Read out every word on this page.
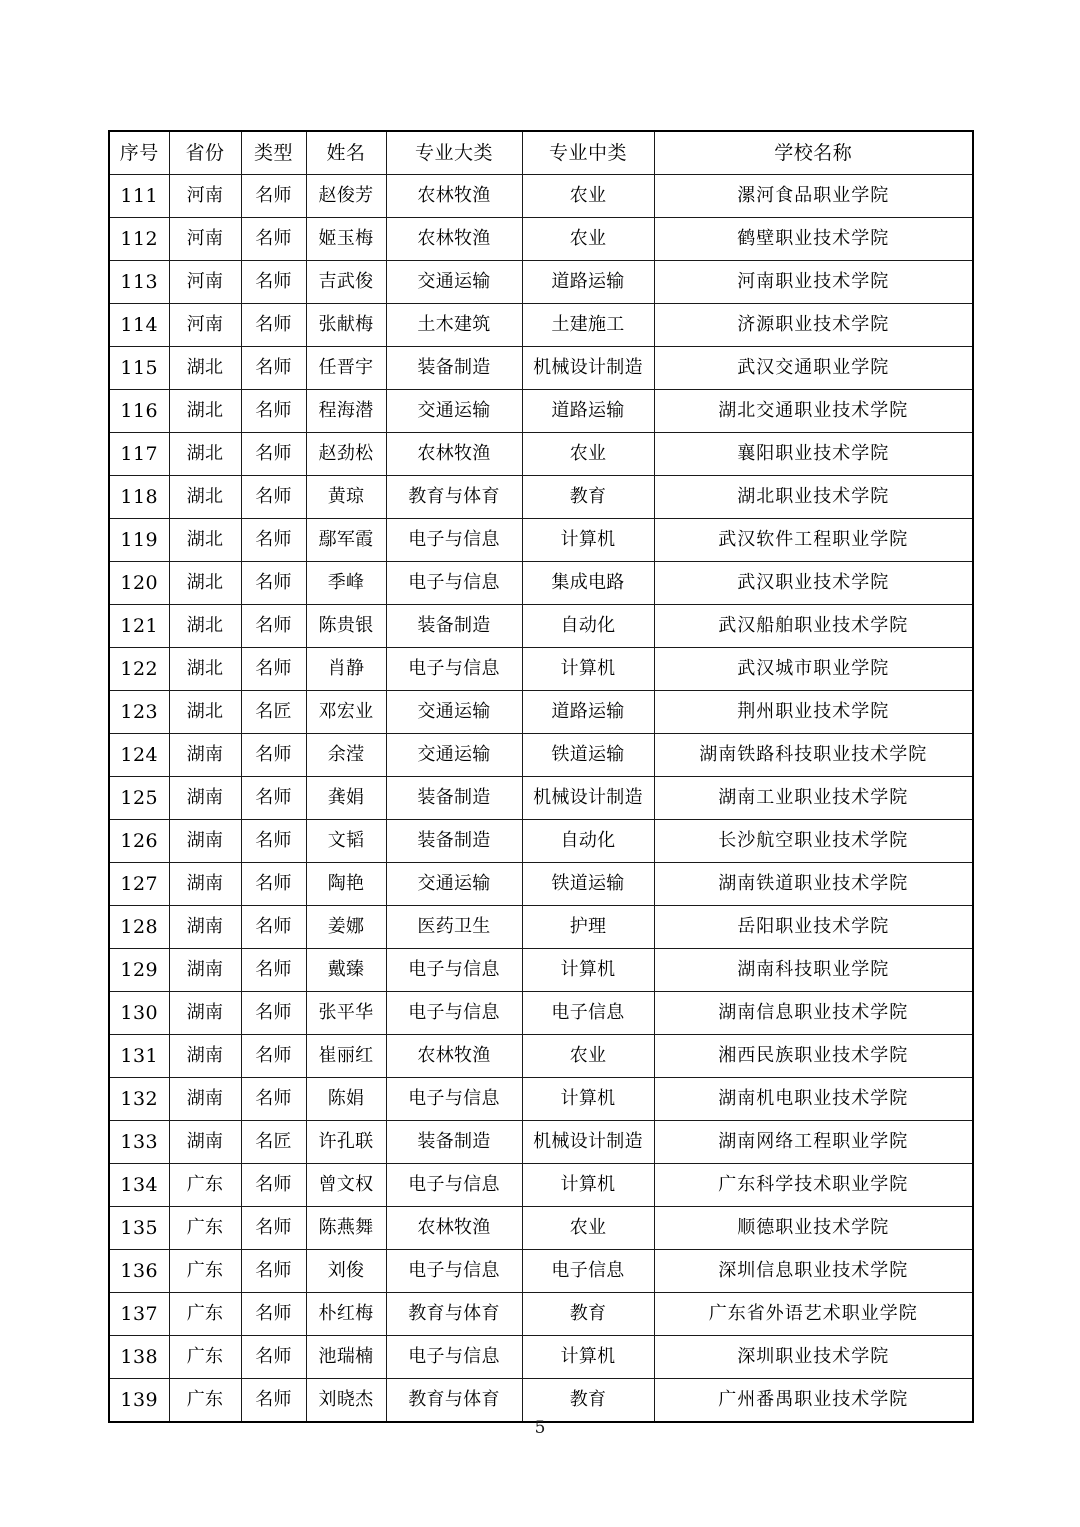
序号	省份	类型	姓名	专业大类	专业中类	学校名称
111	河南	名师	赵俊芳	农林牧渔	农业	漯河食品职业学院
112	河南	名师	姬玉梅	农林牧渔	农业	鹤壁职业技术学院
113	河南	名师	吉武俊	交通运输	道路运输	河南职业技术学院
114	河南	名师	张献梅	土木建筑	土建施工	济源职业技术学院
115	湖北	名师	任晋宇	装备制造	机械设计制造	武汉交通职业学院
116	湖北	名师	程海潜	交通运输	道路运输	湖北交通职业技术学院
117	湖北	名师	赵劲松	农林牧渔	农业	襄阳职业技术学院
118	湖北	名师	黄琼	教育与体育	教育	湖北职业技术学院
119	湖北	名师	鄢军霞	电子与信息	计算机	武汉软件工程职业学院
120	湖北	名师	季峰	电子与信息	集成电路	武汉职业技术学院
121	湖北	名师	陈贵银	装备制造	自动化	武汉船舶职业技术学院
122	湖北	名师	肖静	电子与信息	计算机	武汉城市职业学院
123	湖北	名匠	邓宏业	交通运输	道路运输	荆州职业技术学院
124	湖南	名师	余滢	交通运输	铁道运输	湖南铁路科技职业技术学院
125	湖南	名师	龚娟	装备制造	机械设计制造	湖南工业职业技术学院
126	湖南	名师	文韬	装备制造	自动化	长沙航空职业技术学院
127	湖南	名师	陶艳	交通运输	铁道运输	湖南铁道职业技术学院
128	湖南	名师	姜娜	医药卫生	护理	岳阳职业技术学院
129	湖南	名师	戴臻	电子与信息	计算机	湖南科技职业学院
130	湖南	名师	张平华	电子与信息	电子信息	湖南信息职业技术学院
131	湖南	名师	崔丽红	农林牧渔	农业	湘西民族职业技术学院
132	湖南	名师	陈娟	电子与信息	计算机	湖南机电职业技术学院
133	湖南	名匠	许孔联	装备制造	机械设计制造	湖南网络工程职业学院
134	广东	名师	曾文权	电子与信息	计算机	广东科学技术职业学院
135	广东	名师	陈燕舞	农林牧渔	农业	顺德职业技术学院
136	广东	名师	刘俊	电子与信息	电子信息	深圳信息职业技术学院
137	广东	名师	朴红梅	教育与体育	教育	广东省外语艺术职业学院
138	广东	名师	池瑞楠	电子与信息	计算机	深圳职业技术学院
139	广东	名师	刘晓杰	教育与体育	教育	广州番禺职业技术学院
5
